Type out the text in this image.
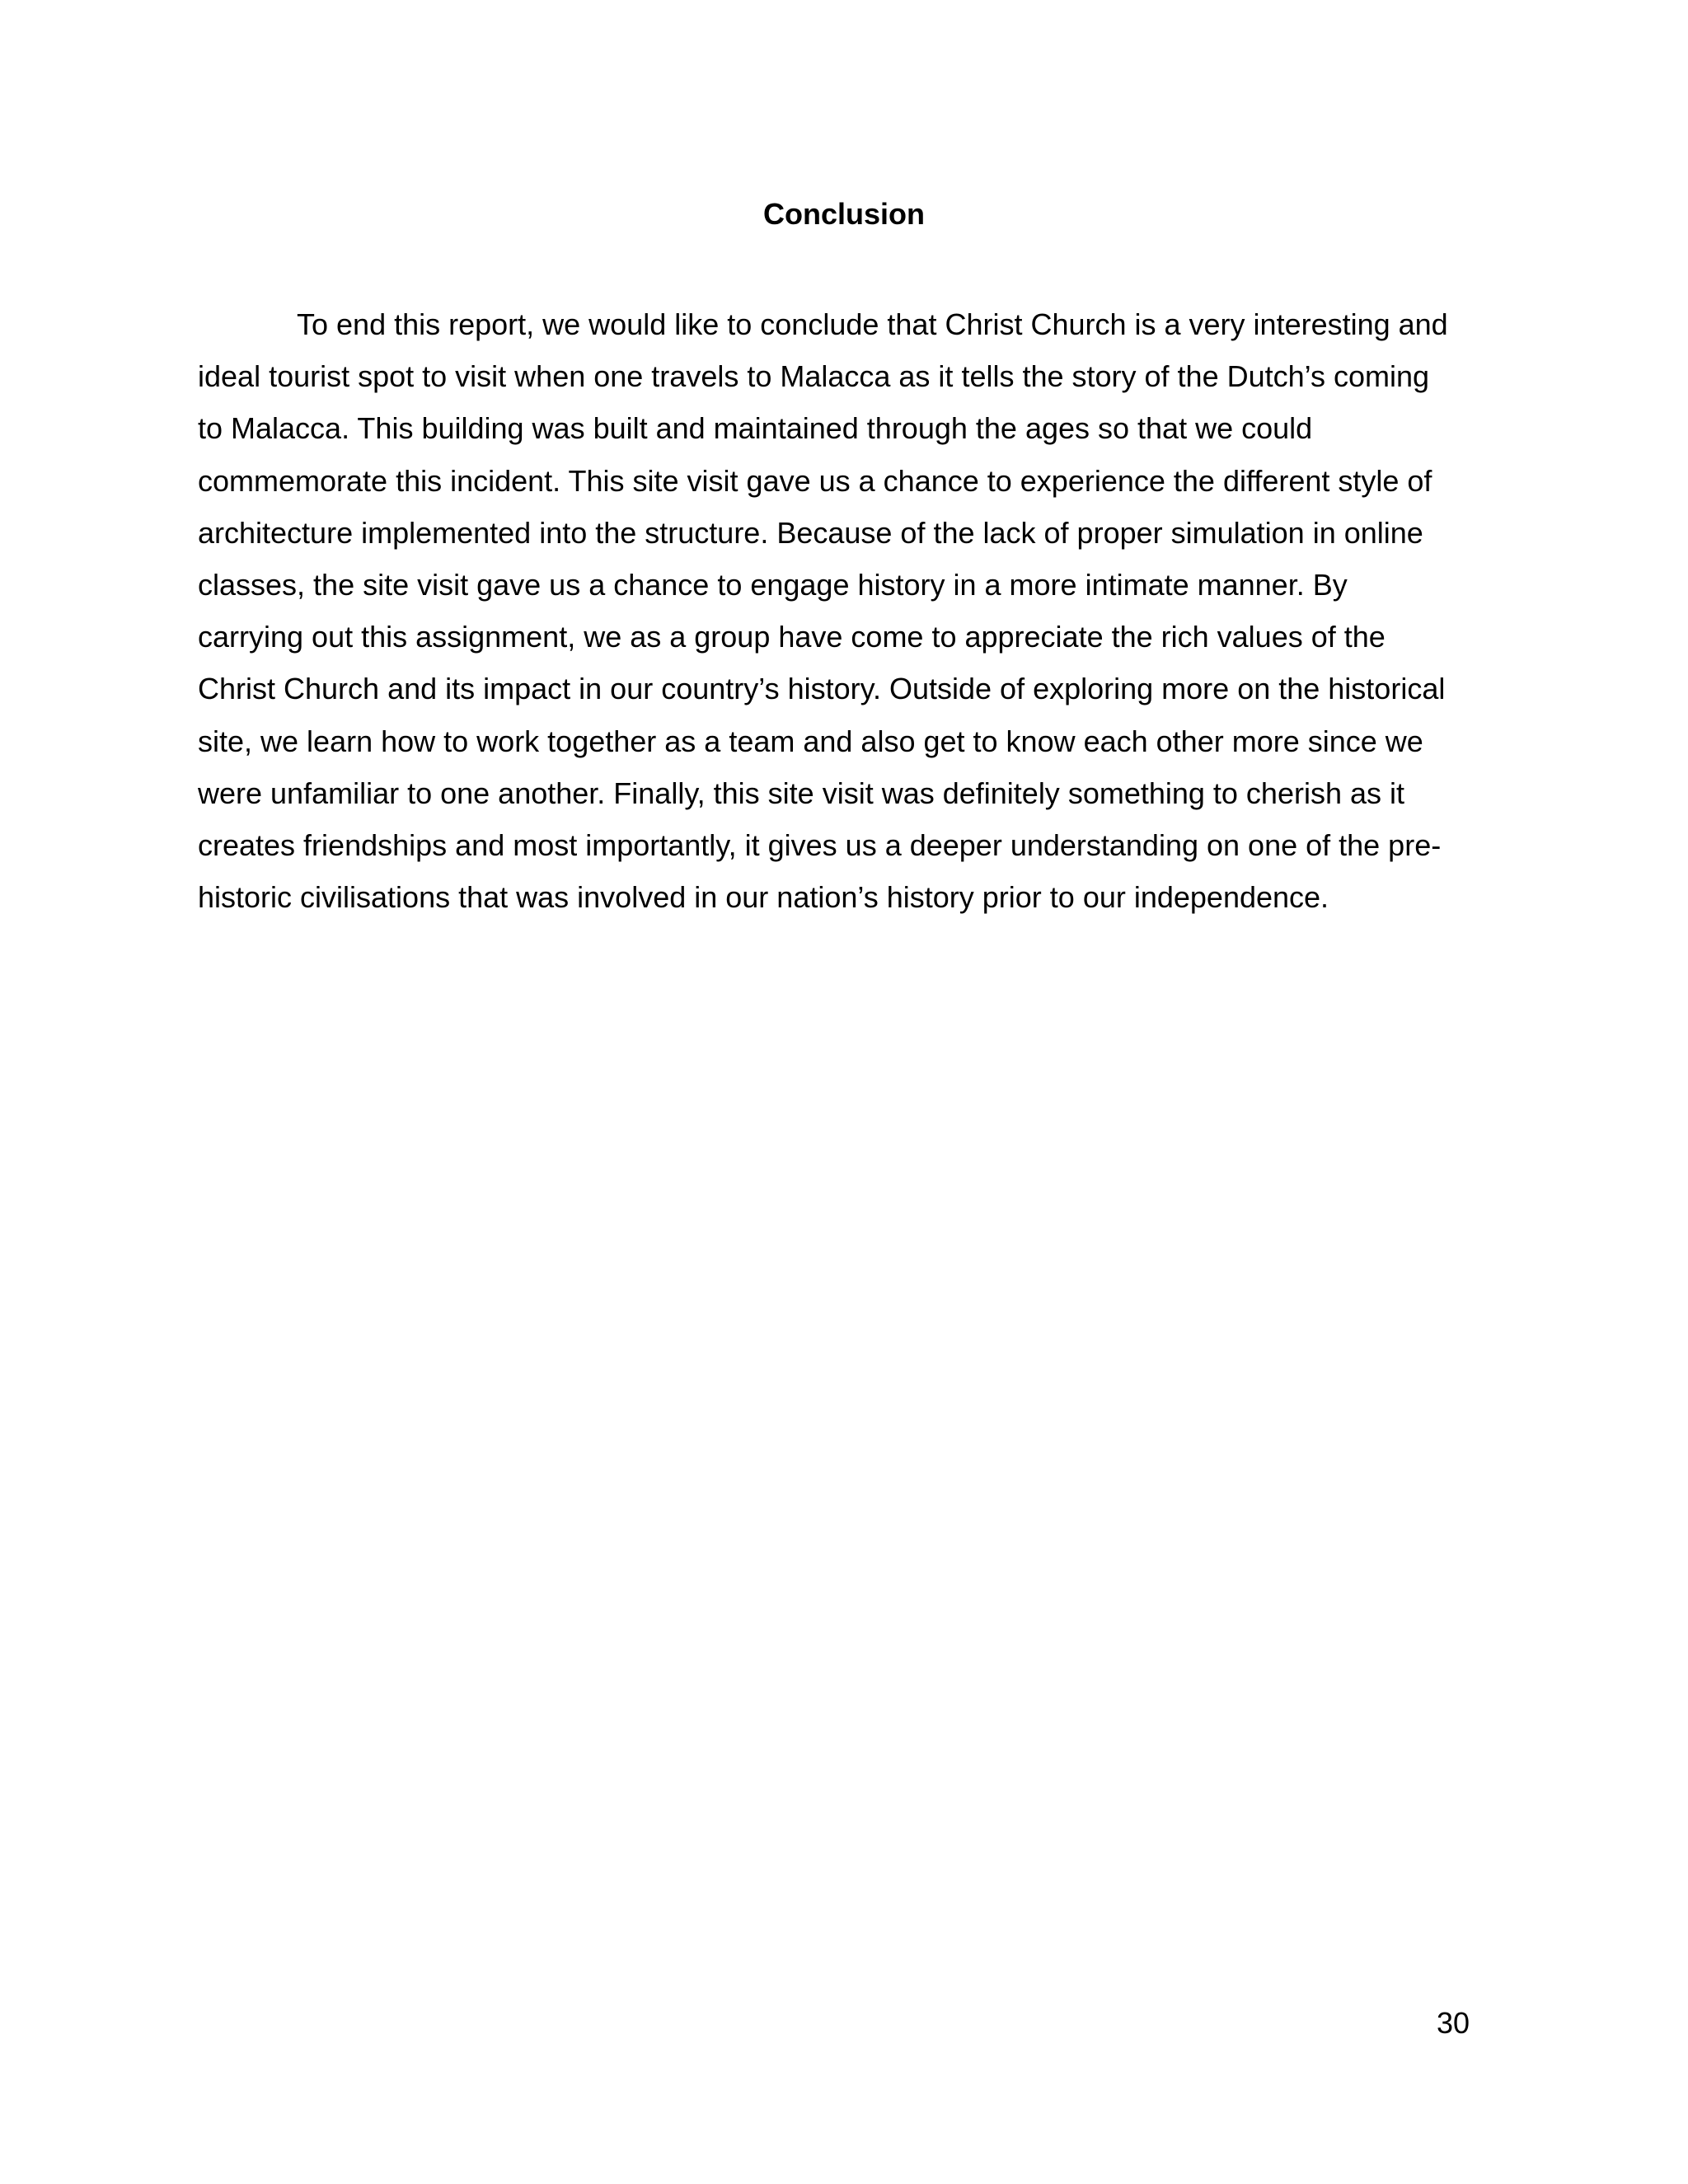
Conclusion
To end this report, we would like to conclude that Christ Church is a very interesting and
ideal tourist spot to visit when one travels to Malacca as it tells the story of the Dutch’s coming
to Malacca. This building was built and maintained through the ages so that we could
commemorate this incident. This site visit gave us a chance to experience the different style of
architecture implemented into the structure. Because of the lack of proper simulation in online
classes, the site visit gave us a chance to engage history in a more intimate manner. By
carrying out this assignment, we as a group have come to appreciate the rich values of the
Christ Church and its impact in our country’s history. Outside of exploring more on the historical
site, we learn how to work together as a team and also get to know each other more since we
were unfamiliar to one another. Finally, this site visit was definitely something to cherish as it
creates friendships and most importantly, it gives us a deeper understanding on one of the pre-
historic civilisations that was involved in our nation’s history prior to our independence.

30
